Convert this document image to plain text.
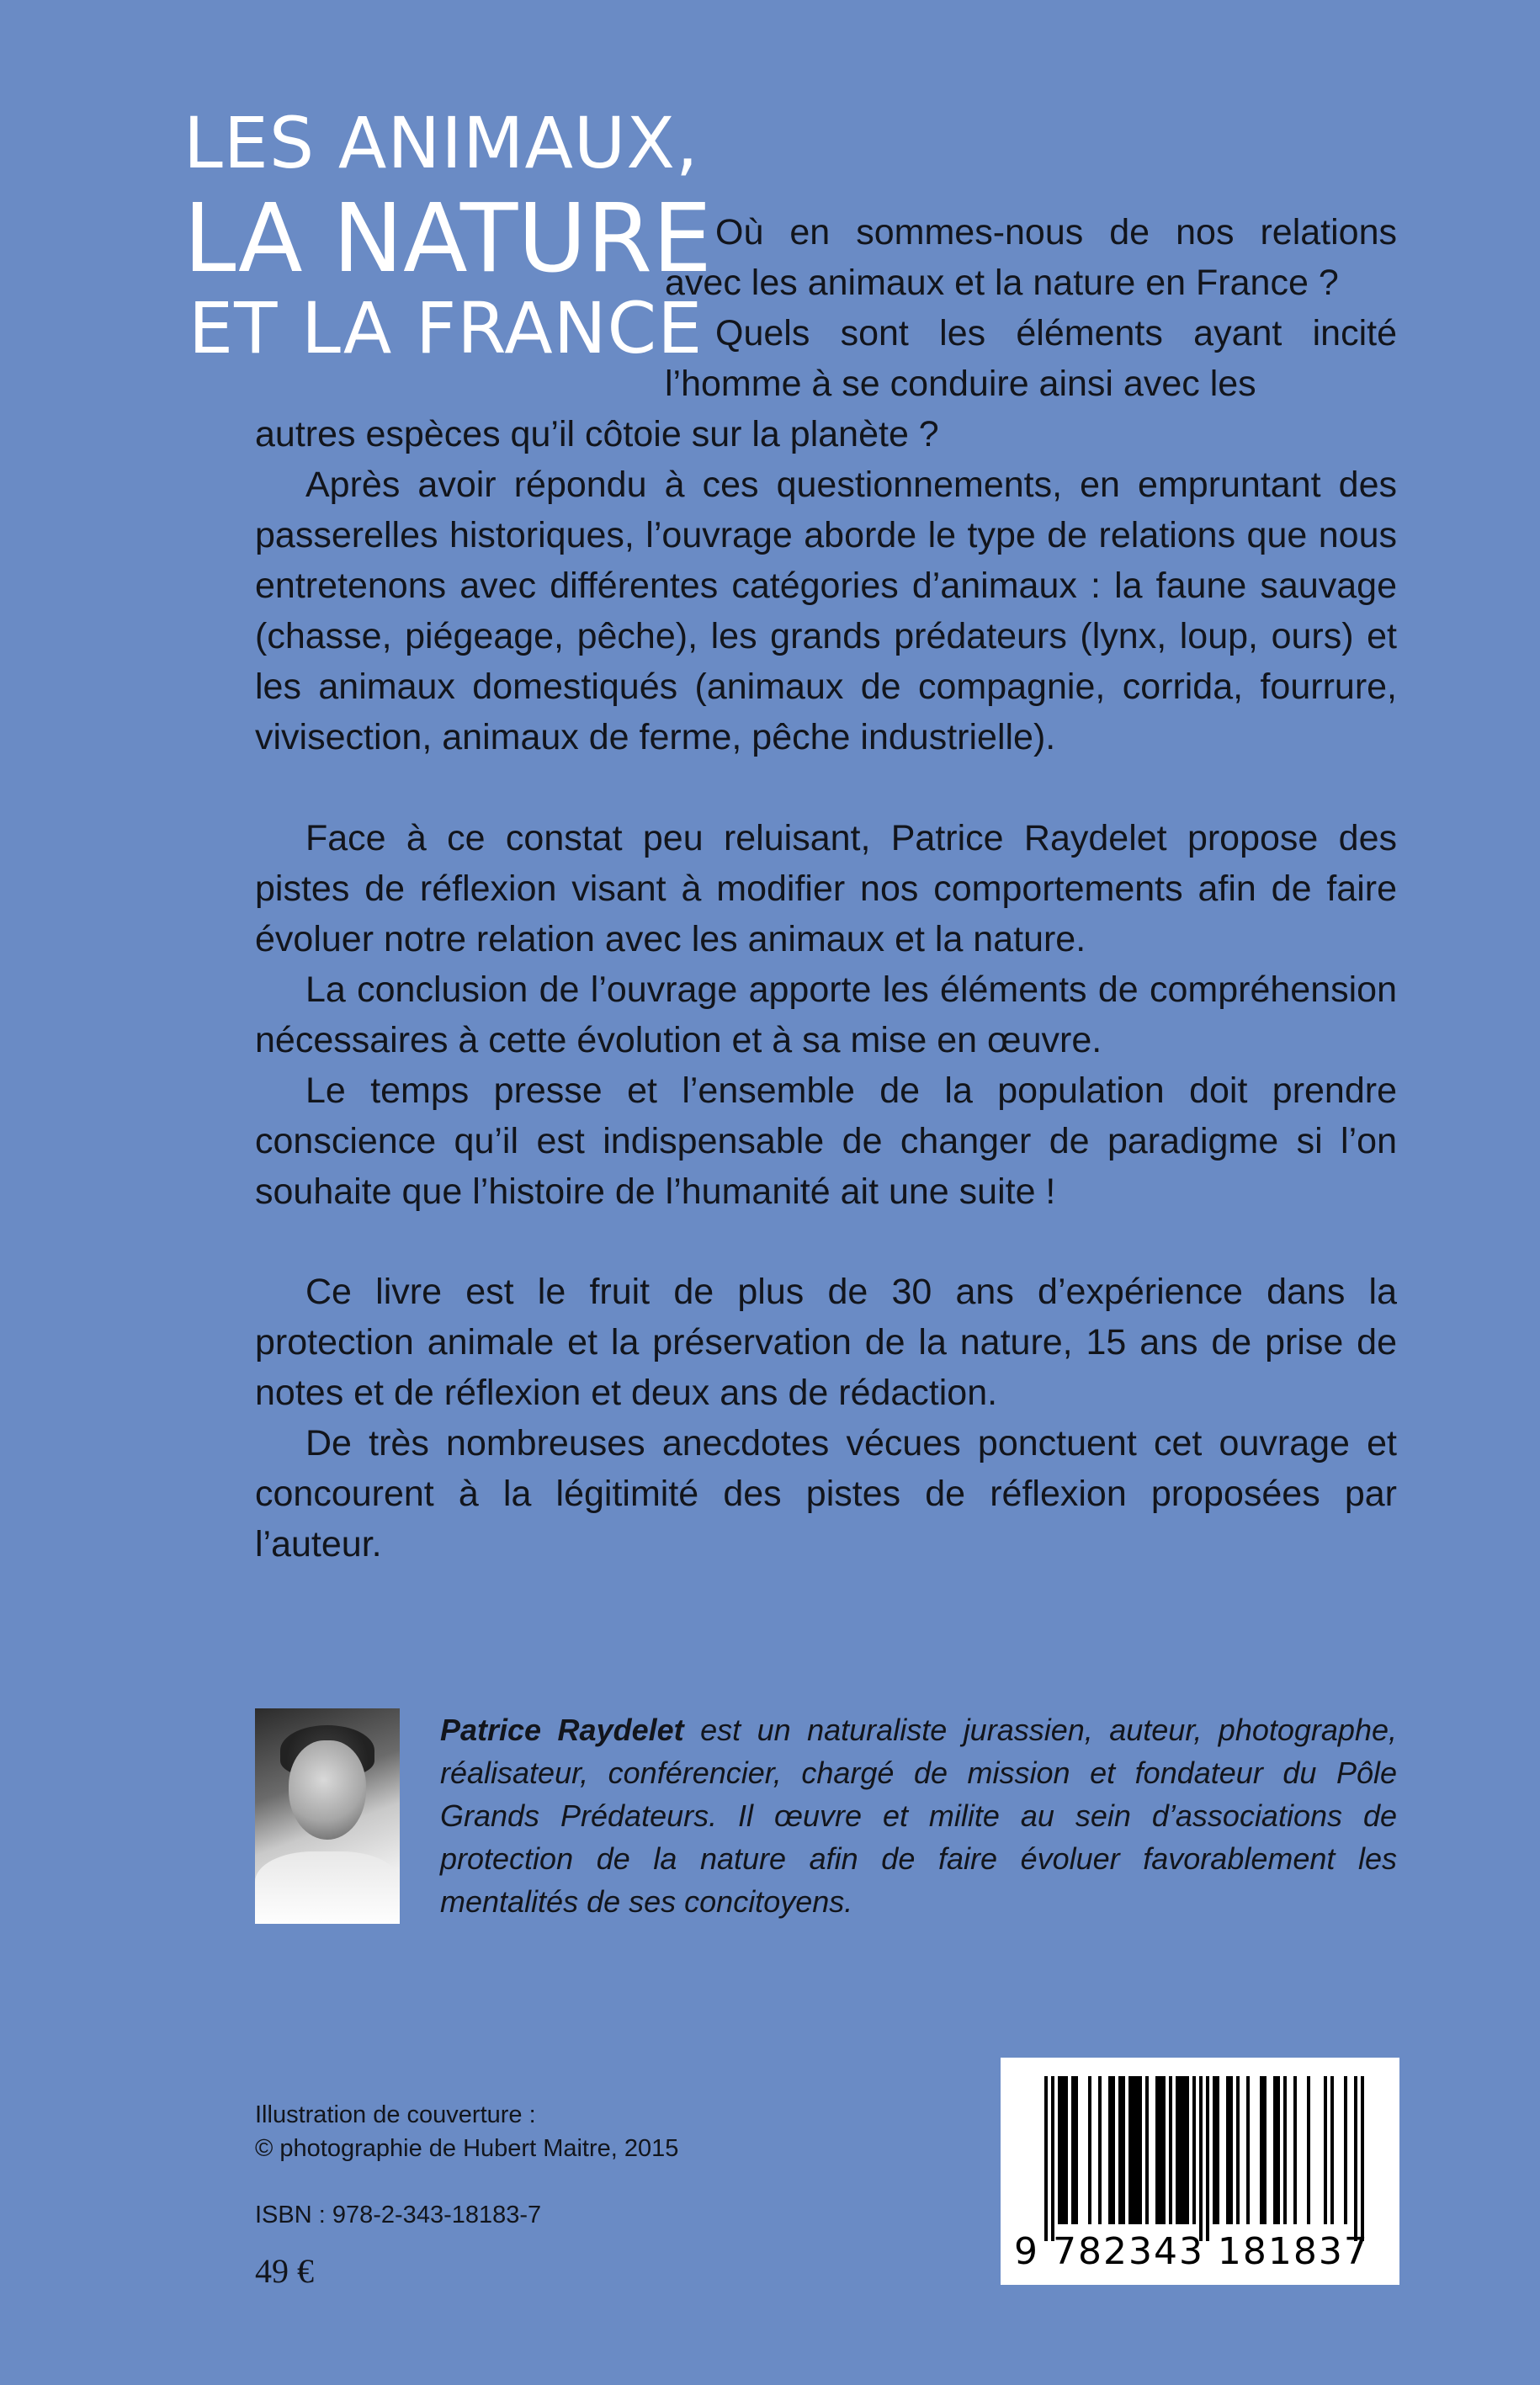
LES ANIMAUX,
LA NATURE
ET LA FRANCE

Où en sommes-nous de nos relations avec les animaux et la nature en France ?

Quels sont les éléments ayant incité l’homme à se conduire ainsi avec les

autres espèces qu’il côtoie sur la planète ?

Après avoir répondu à ces questionnements, en empruntant des passerelles historiques, l’ouvrage aborde le type de relations que nous entretenons avec différentes catégories d’animaux : la faune sauvage (chasse, piégeage, pêche), les grands prédateurs (lynx, loup, ours) et les animaux domestiqués (animaux de compagnie, corrida, fourrure, vivisection, animaux de ferme, pêche industrielle).

Face à ce constat peu reluisant, Patrice Raydelet propose des pistes de réflexion visant à modifier nos comportements afin de faire évoluer notre relation avec les animaux et la nature.

La conclusion de l’ouvrage apporte les éléments de compréhension nécessaires à cette évolution et à sa mise en œuvre.

Le temps presse et l’ensemble de la population doit prendre conscience qu’il est indispensable de changer de paradigme si l’on souhaite que l’histoire de l’humanité ait une suite !

Ce livre est le fruit de plus de 30 ans d’expérience dans la protection animale et la préservation de la nature, 15 ans de prise de notes et de réflexion et deux ans de rédaction.

De très nombreuses anecdotes vécues ponctuent cet ouvrage et concourent à la légitimité des pistes de réflexion proposées par l’auteur.

Patrice Raydelet est un naturaliste jurassien, auteur, photographe, réalisateur, conférencier, chargé de mission et fondateur du Pôle Grands Prédateurs. Il œuvre et milite au sein d’associations de protection de la nature afin de faire évoluer favorablement les mentalités de ses concitoyens.

Illustration de couverture :
© photographie de Hubert Maitre, 2015
ISBN : 978-2-343-18183-7
49 €	9 782343 181837
